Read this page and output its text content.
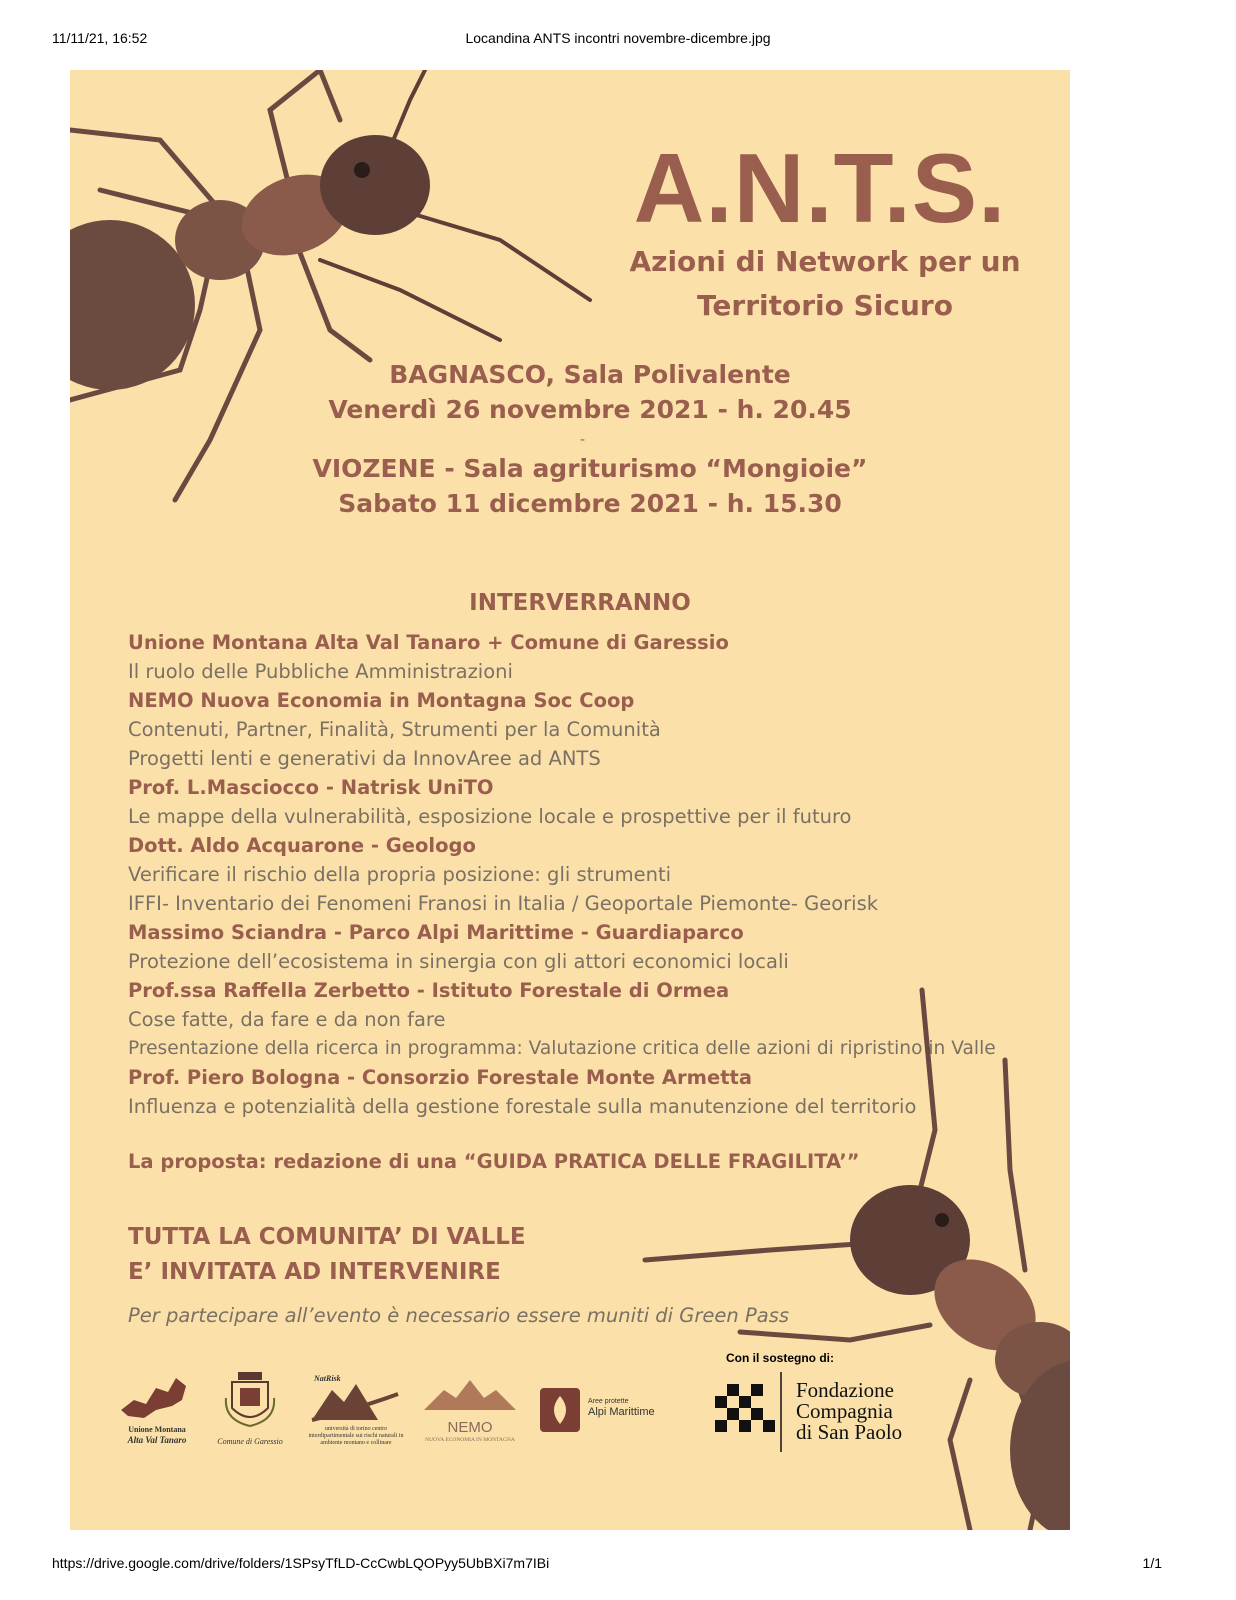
11/11/21, 16:52	Locandina ANTS incontri novembre-dicembre.jpg
A.N.T.S.
Azioni di Network per un
Territorio Sicuro
BAGNASCO, Sala Polivalente
Venerdì 26 novembre 2021 - h. 20.45
-
VIOZENE - Sala agriturismo “Mongioie”
Sabato 11 dicembre 2021 - h. 15.30
INTERVERRANNO
Unione Montana Alta Val Tanaro + Comune di Garessio
Il ruolo delle Pubbliche Amministrazioni
NEMO Nuova Economia in Montagna Soc Coop
Contenuti, Partner, Finalità, Strumenti per la Comunità
Progetti lenti e generativi da InnovAree ad ANTS
Prof. L.Masciocco - Natrisk UniTO
Le mappe della vulnerabilità, esposizione locale e prospettive per il futuro
Dott. Aldo Acquarone - Geologo
Verificare il rischio della propria posizione: gli strumenti
IFFI- Inventario dei Fenomeni Franosi in Italia / Geoportale Piemonte- Georisk
Massimo Sciandra - Parco Alpi Marittime - Guardiaparco
Protezione dell’ecosistema in sinergia con gli attori economici locali
Prof.ssa Raffella Zerbetto - Istituto Forestale di Ormea
Cose fatte, da fare e da non fare
Presentazione della ricerca in programma: Valutazione critica delle azioni di ripristino in Valle
Prof. Piero Bologna - Consorzio Forestale Monte Armetta
Influenza e potenzialità della gestione forestale sulla manutenzione del territorio
La proposta: redazione di una “GUIDA PRATICA DELLE FRAGILITA’”
TUTTA LA COMUNITA’ DI VALLE
E’ INVITATA AD INTERVENIRE
Per partecipare all’evento è necessario essere muniti di Green Pass
Con il sostegno di:
Unione Montana
Alta Val Tanaro	Comune di Garessio
NatRisk
università di torino centro interdipartimentale sui rischi naturali in ambiente montano e collinare
NEMO
NUOVA ECONOMIA IN MONTAGNA
Aree protette
Alpi Marittime
Fondazione
Compagnia
di San Paolo
https://drive.google.com/drive/folders/1SPsyTfLD-CcCwbLQOPyy5UbBXi7m7IBi	1/1
